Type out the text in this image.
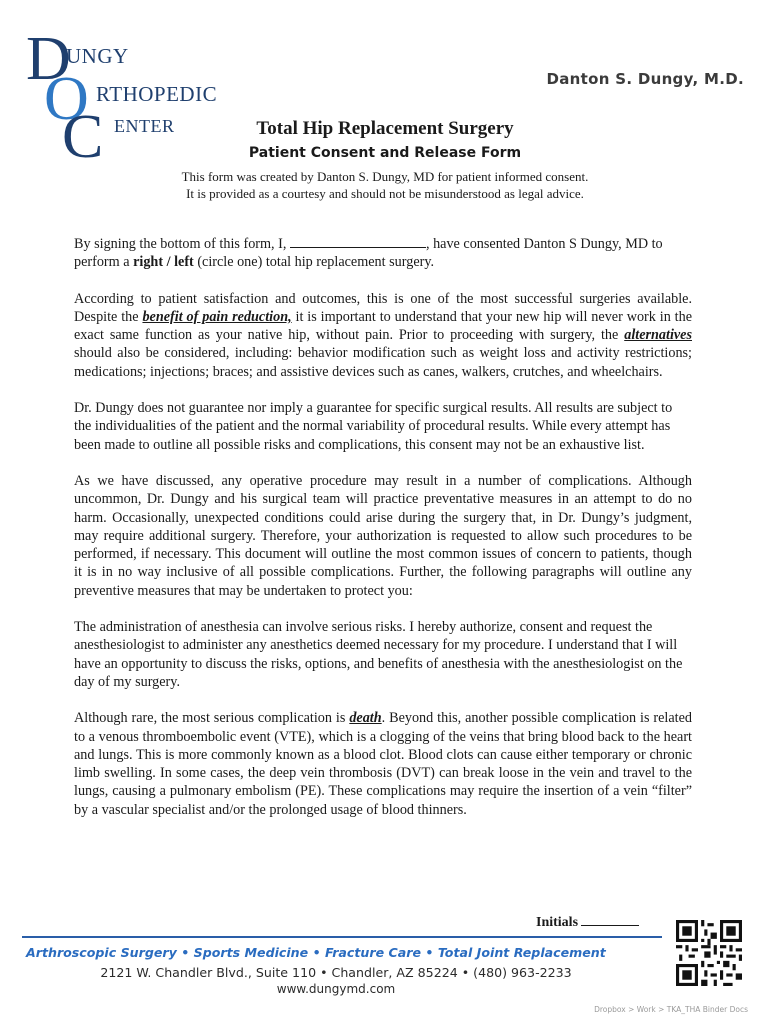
D
UNGY
O RTHOPEDIC
C ENTER
Danton S. Dungy, M.D.
Total Hip Replacement Surgery
Patient Consent and Release Form
This form was created by Danton S. Dungy, MD for patient informed consent.
It is provided as a courtesy and should not be misunderstood as legal advice.

By signing the bottom of this form, I,	, have consented Danton S Dungy, MD to perform a right / left (circle one) total hip replacement surgery.

According to patient satisfaction and outcomes, this is one of the most successful surgeries available. Despite the benefit of pain reduction, it is important to understand that your new hip will never work in the exact same function as your native hip, without pain. Prior to proceeding with surgery, the alternatives should also be considered, including: behavior modification such as weight loss and activity restrictions; medications; injections; braces; and assistive devices such as canes, walkers, crutches, and wheelchairs.

Dr. Dungy does not guarantee nor imply a guarantee for specific surgical results. All results are subject to the individualities of the patient and the normal variability of procedural results. While every attempt has been made to outline all possible risks and complications, this consent may not be an exhaustive list.

As we have discussed, any operative procedure may result in a number of complications. Although uncommon, Dr. Dungy and his surgical team will practice preventative measures in an attempt to do no harm. Occasionally, unexpected conditions could arise during the surgery that, in Dr. Dungy’s judgment, may require additional surgery. Therefore, your authorization is requested to allow such procedures to be performed, if necessary. This document will outline the most common issues of concern to patients, though it is in no way inclusive of all possible complications. Further, the following paragraphs will outline any preventive measures that may be undertaken to protect you:

The administration of anesthesia can involve serious risks. I hereby authorize, consent and request the anesthesiologist to administer any anesthetics deemed necessary for my procedure. I understand that I will have an opportunity to discuss the risks, options, and benefits of anesthesia with the anesthesiologist on the day of my surgery.

Although rare, the most serious complication is death. Beyond this, another possible complication is related to a venous thromboembolic event (VTE), which is a clogging of the veins that bring blood back to the heart and lungs. This is more commonly known as a blood clot. Blood clots can cause either temporary or chronic limb swelling. In some cases, the deep vein thrombosis (DVT) can break loose in the vein and travel to the lungs, causing a pulmonary embolism (PE). These complications may require the insertion of a vein “filter” by a vascular specialist and/or the prolonged usage of blood thinners.

Initials
Arthroscopic Surgery • Sports Medicine • Fracture Care • Total Joint Replacement
2121 W. Chandler Blvd., Suite 110 • Chandler, AZ 85224 • (480) 963-2233
www.dungymd.com
Dropbox > Work > TKA_THA Binder Docs
